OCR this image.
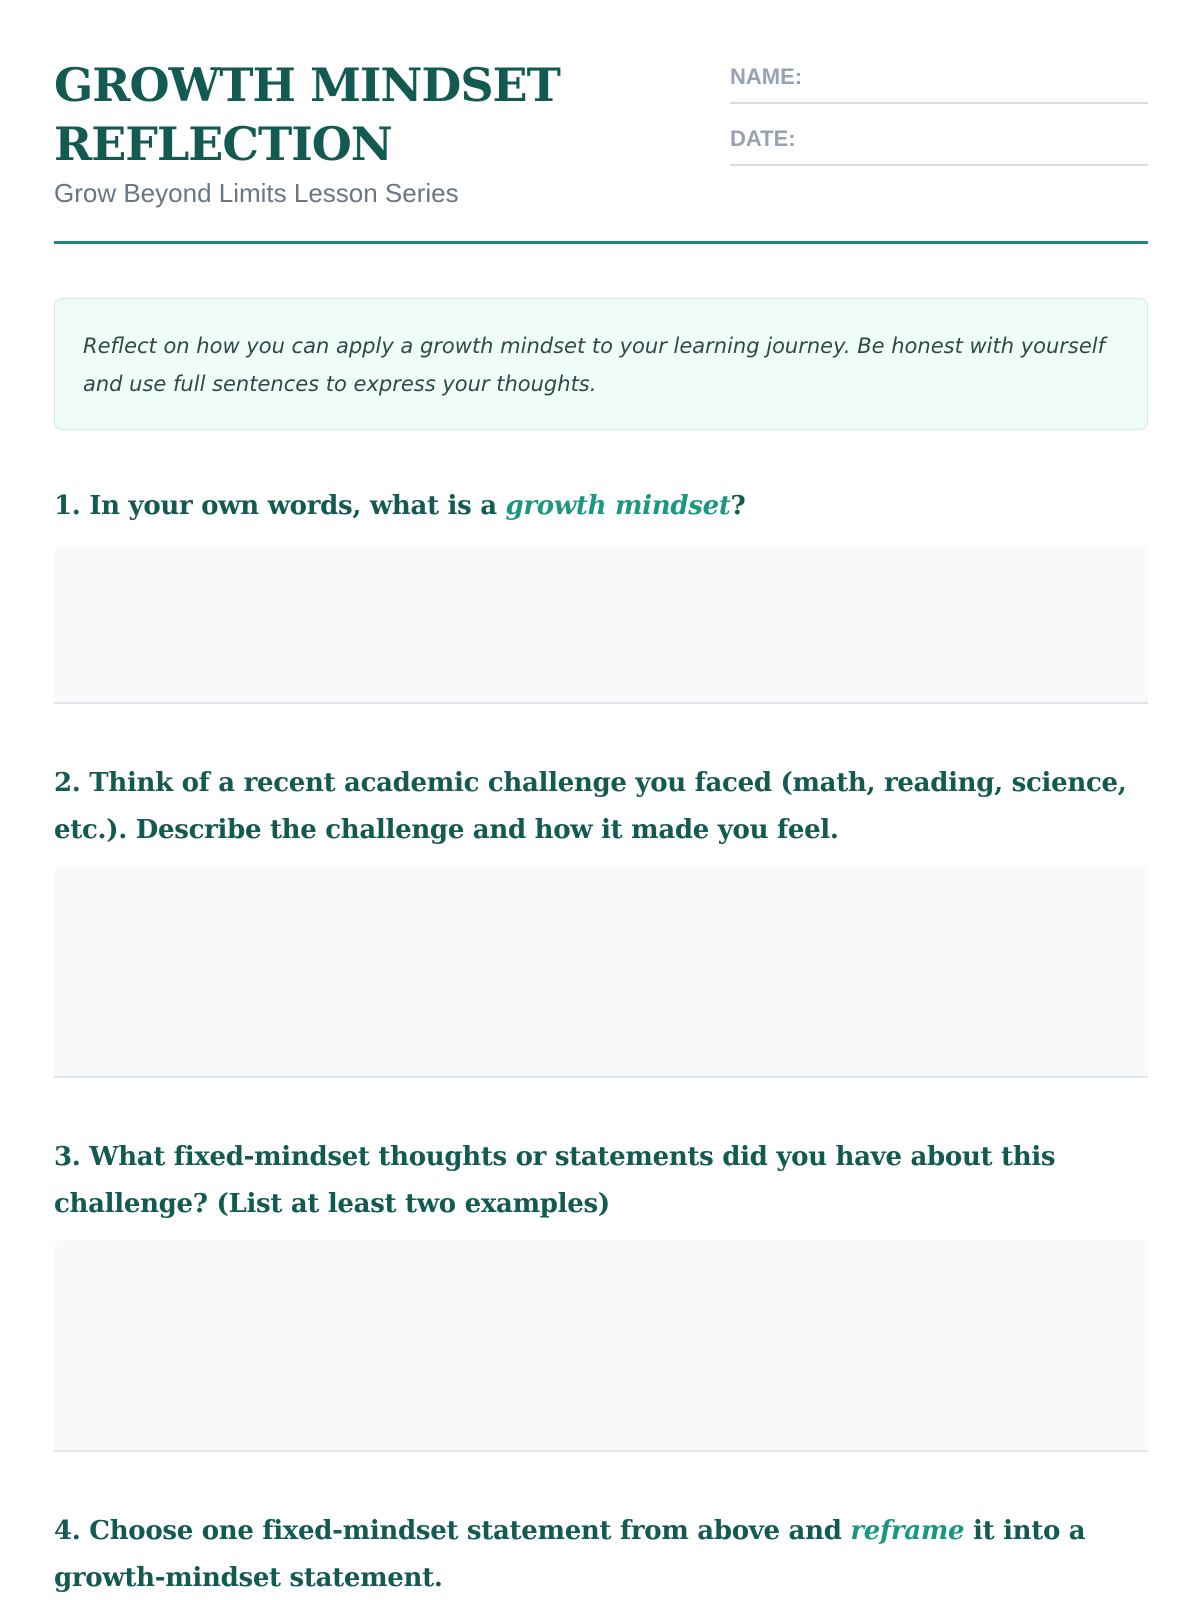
GROWTH MINDSET
REFLECTION
Grow Beyond Limits Lesson Series
NAME:
DATE:
Reflect on how you can apply a growth mindset to your learning journey. Be honest with yourself and use full sentences to express your thoughts.
1. In your own words, what is a growth mindset?
2. Think of a recent academic challenge you faced (math, reading, science, etc.). Describe the challenge and how it made you feel.
3. What fixed-mindset thoughts or statements did you have about this challenge? (List at least two examples)
4. Choose one fixed-mindset statement from above and reframe it into a growth-mindset statement.
